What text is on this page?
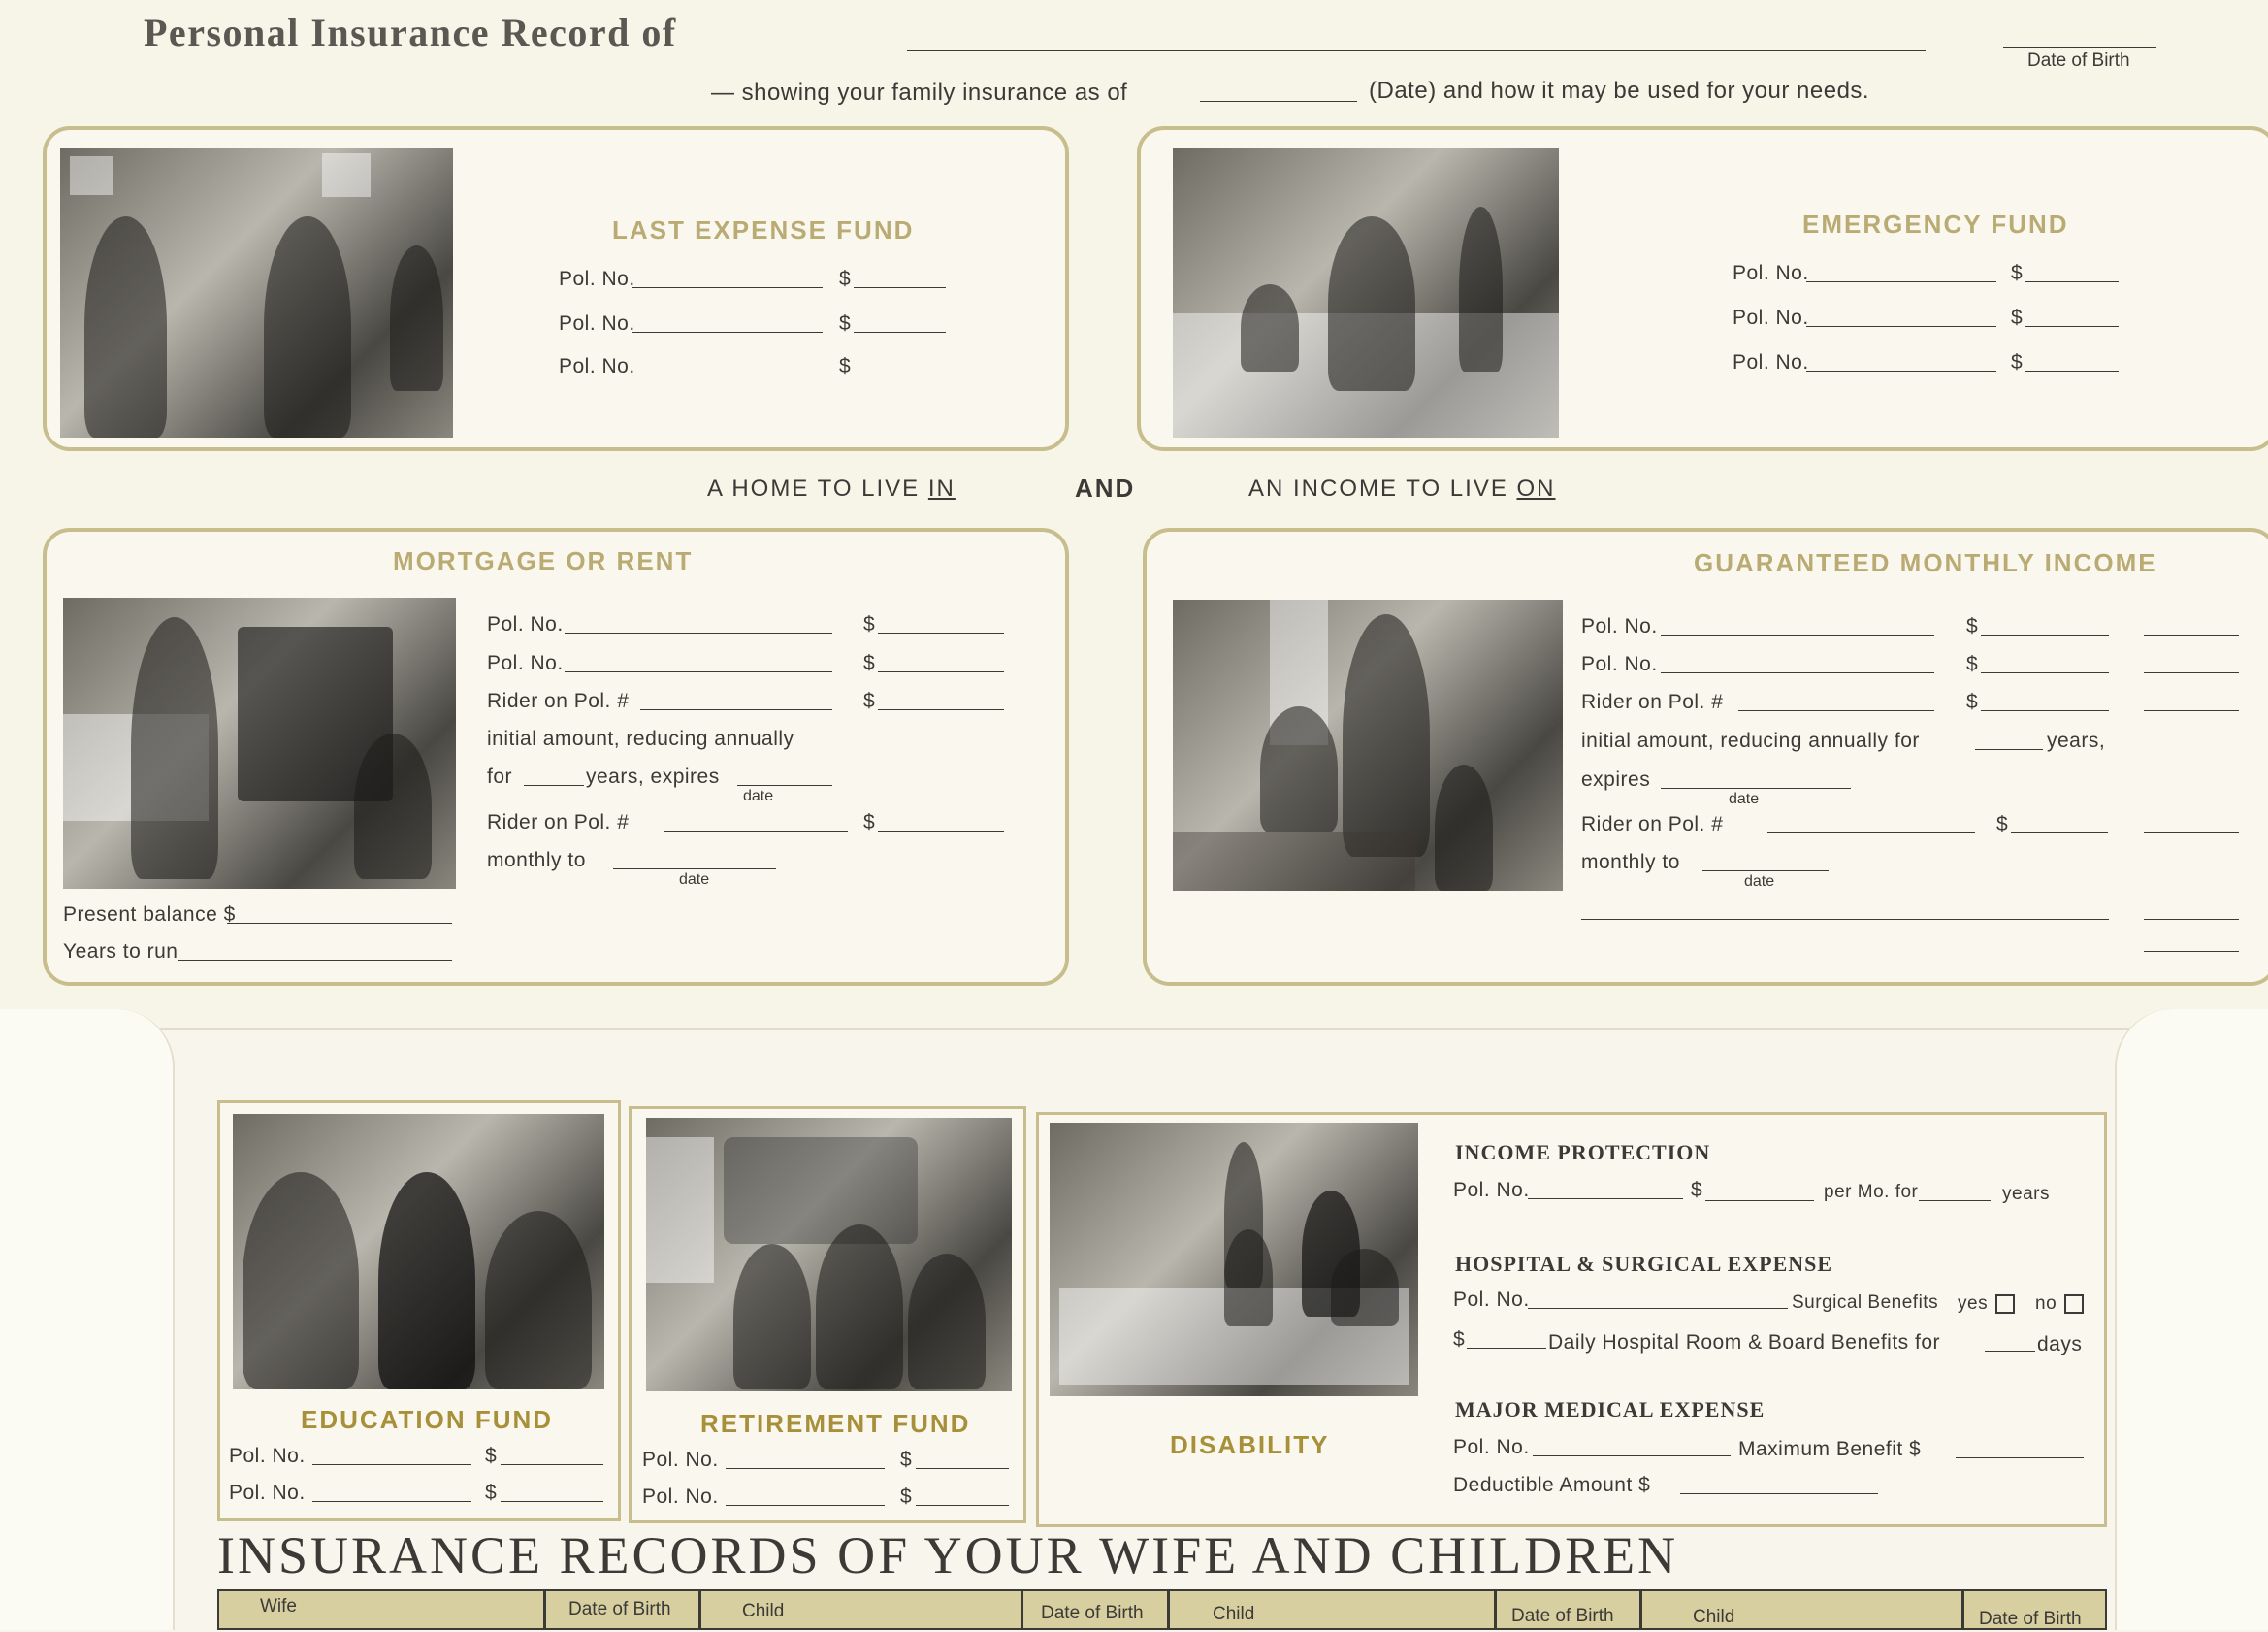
Personal Insurance Record of
Date of Birth
— showing your family insurance as of	(Date) and how it may be used for your needs.
LAST EXPENSE FUND
Pol. No.	$
Pol. No.	$
Pol. No.	$
EMERGENCY FUND
Pol. No.	$
Pol. No.	$
Pol. No.	$
A HOME TO LIVE IN	AND	AN INCOME TO LIVE ON
MORTGAGE OR RENT
Present balance $
Years to run
Pol. No.	$
Pol. No.	$
Rider on Pol. #	$
initial amount, reducing annually
for	years, expires
date
Rider on Pol. #	$
monthly to
date
GUARANTEED MONTHLY INCOME
Pol. No.	$
Pol. No.	$
Rider on Pol. #	$
initial amount, reducing annually for	years,
expires
date
Rider on Pol. #	$
monthly to
date
EDUCATION FUND
Pol. No.	$
Pol. No.	$
RETIREMENT FUND
Pol. No.	$
Pol. No.	$
DISABILITY
INCOME PROTECTION
Pol. No.	$	per Mo. for	years
HOSPITAL & SURGICAL EXPENSE
Pol. No.	Surgical Benefits yes	no
$	Daily Hospital Room & Board Benefits for	days
MAJOR MEDICAL EXPENSE
Pol. No.	Maximum Benefit $
Deductible Amount $
INSURANCE RECORDS OF YOUR WIFE AND CHILDREN
Wife	Date of Birth	Child	Date of Birth	Child	Date of Birth	Child	Date of Birth
